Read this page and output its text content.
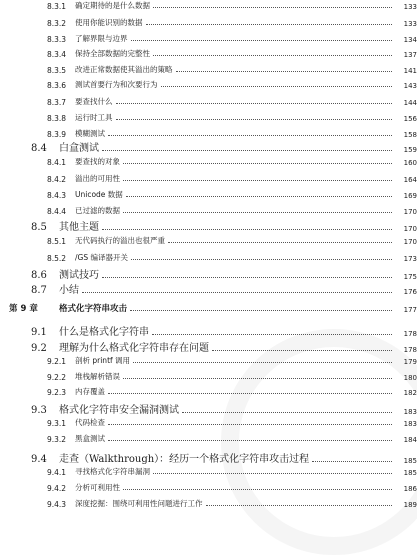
8.3.1	确定期待的是什么数据	133
8.3.2	使用你能识别的数据	133
8.3.3	了解界限与边界	134
8.3.4	保持全部数据的完整性	137
8.3.5	改进正常数据使其溢出的策略	141
8.3.6	测试首要行为和次要行为	143
8.3.7	要查找什么	144
8.3.8	运行时工具	156
8.3.9	模糊测试	158
8.4	白盒测试	159
8.4.1	要查找的对象	160
8.4.2	溢出的可用性	164
8.4.3	Unicode 数据	169
8.4.4	已过滤的数据	170
8.5	其他主题	170
8.5.1	无代码执行的溢出也很严重	170
8.5.2	/GS 编译器开关	173
8.6	测试技巧	175
8.7	小结	176
第 9 章	格式化字符串攻击	177
9.1	什么是格式化字符串	178
9.2	理解为什么格式化字符串存在问题	178
9.2.1	剖析 printf 调用	179
9.2.2	堆栈解析错误	180
9.2.3	内存覆盖	182
9.3	格式化字符串安全漏洞测试	183
9.3.1	代码检查	183
9.3.2	黑盒测试	184
9.4	走查（Walkthrough）：经历一个格式化字符串攻击过程	185
9.4.1	寻找格式化字符串漏洞	185
9.4.2	分析可利用性	186
9.4.3	深度挖掘：围绕可利用性问题进行工作	189
